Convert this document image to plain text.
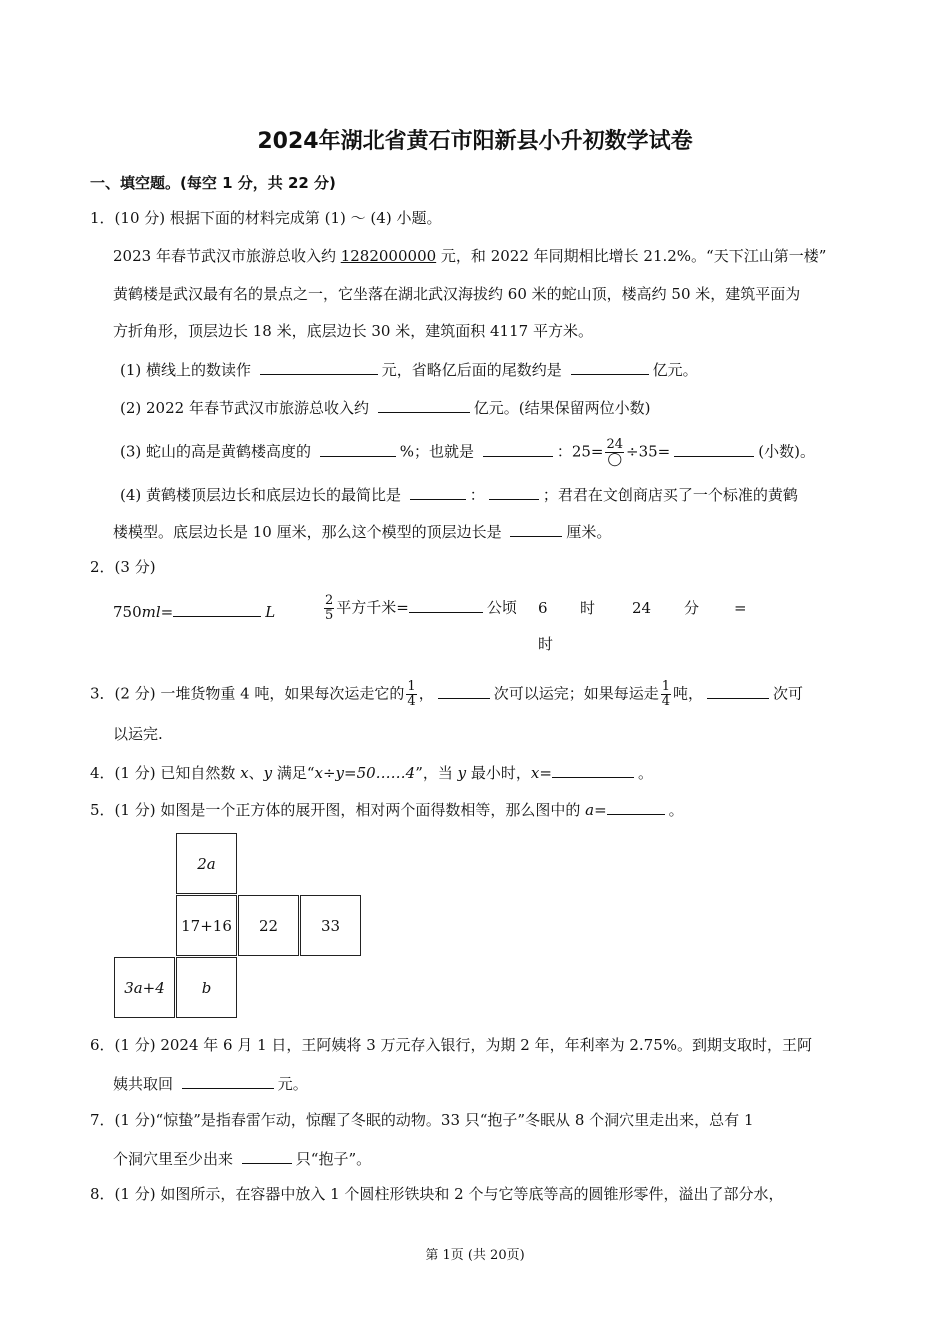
2024年湖北省黄石市阳新县小升初数学试卷
一、填空题。(每空 1 分，共 22 分)
1．(10 分) 根据下面的材料完成第 (1) ～ (4) 小题。
2023 年春节武汉市旅游总收入约 1282000000 元，和 2022 年同期相比增长 21.2%。“天下江山第一楼”
黄鹤楼是武汉最有名的景点之一，它坐落在湖北武汉海拔约 60 米的蛇山顶，楼高约 50 米，建筑平面为
方折角形，顶层边长 18 米，底层边长 30 米，建筑面积 4117 平方米。
(1) 横线上的数读作	元，省略亿后面的尾数约是	亿元。
(2) 2022 年春节武汉市旅游总收入约	亿元。(结果保留两位小数)
(3) 蛇山的高是黄鹤楼高度的	%；也就是	：$25= \frac{24}{◯} \div 35=$	(小数)。
(4) 黄鹤楼顶层边长和底层边长的最简比是	：	；君君在文创商店买了一个标准的黄鹤
楼模型。底层边长是 10 厘米，那么这个模型的顶层边长是	厘米。
2．(3 分)
750ml=	L	$\frac{2}{5}$ 平方千米=	公顷 6 时 24 分 =
时
3．(2 分) 一堆货物重 4 吨，如果每次运走它的 $\frac{1}{4}$ ，	次可以运完；如果每运走 $\frac{1}{4}$ 吨，	次可
以运完.
4．(1 分) 已知自然数 x、y 满足“x÷y=50……4”，当 y 最小时，x=	。
5．(1 分) 如图是一个正方体的展开图，相对两个面得数相等，那么图中的 a=	。
2a
17+16	22	33
3a+4 b
6．(1 分) 2024 年 6 月 1 日，王阿姨将 3 万元存入银行，为期 2 年，年利率为 2.75%。到期支取时，王阿
姨共取回	元。
7．(1 分)“惊蛰”是指春雷乍动，惊醒了冬眠的动物。33 只“抱子”冬眠从 8 个洞穴里走出来，总有 1
个洞穴里至少出来	只“抱子”。
8．(1 分) 如图所示，在容器中放入 1 个圆柱形铁块和 2 个与它等底等高的圆锥形零件，溢出了部分水，
第 1页 (共 20页)
